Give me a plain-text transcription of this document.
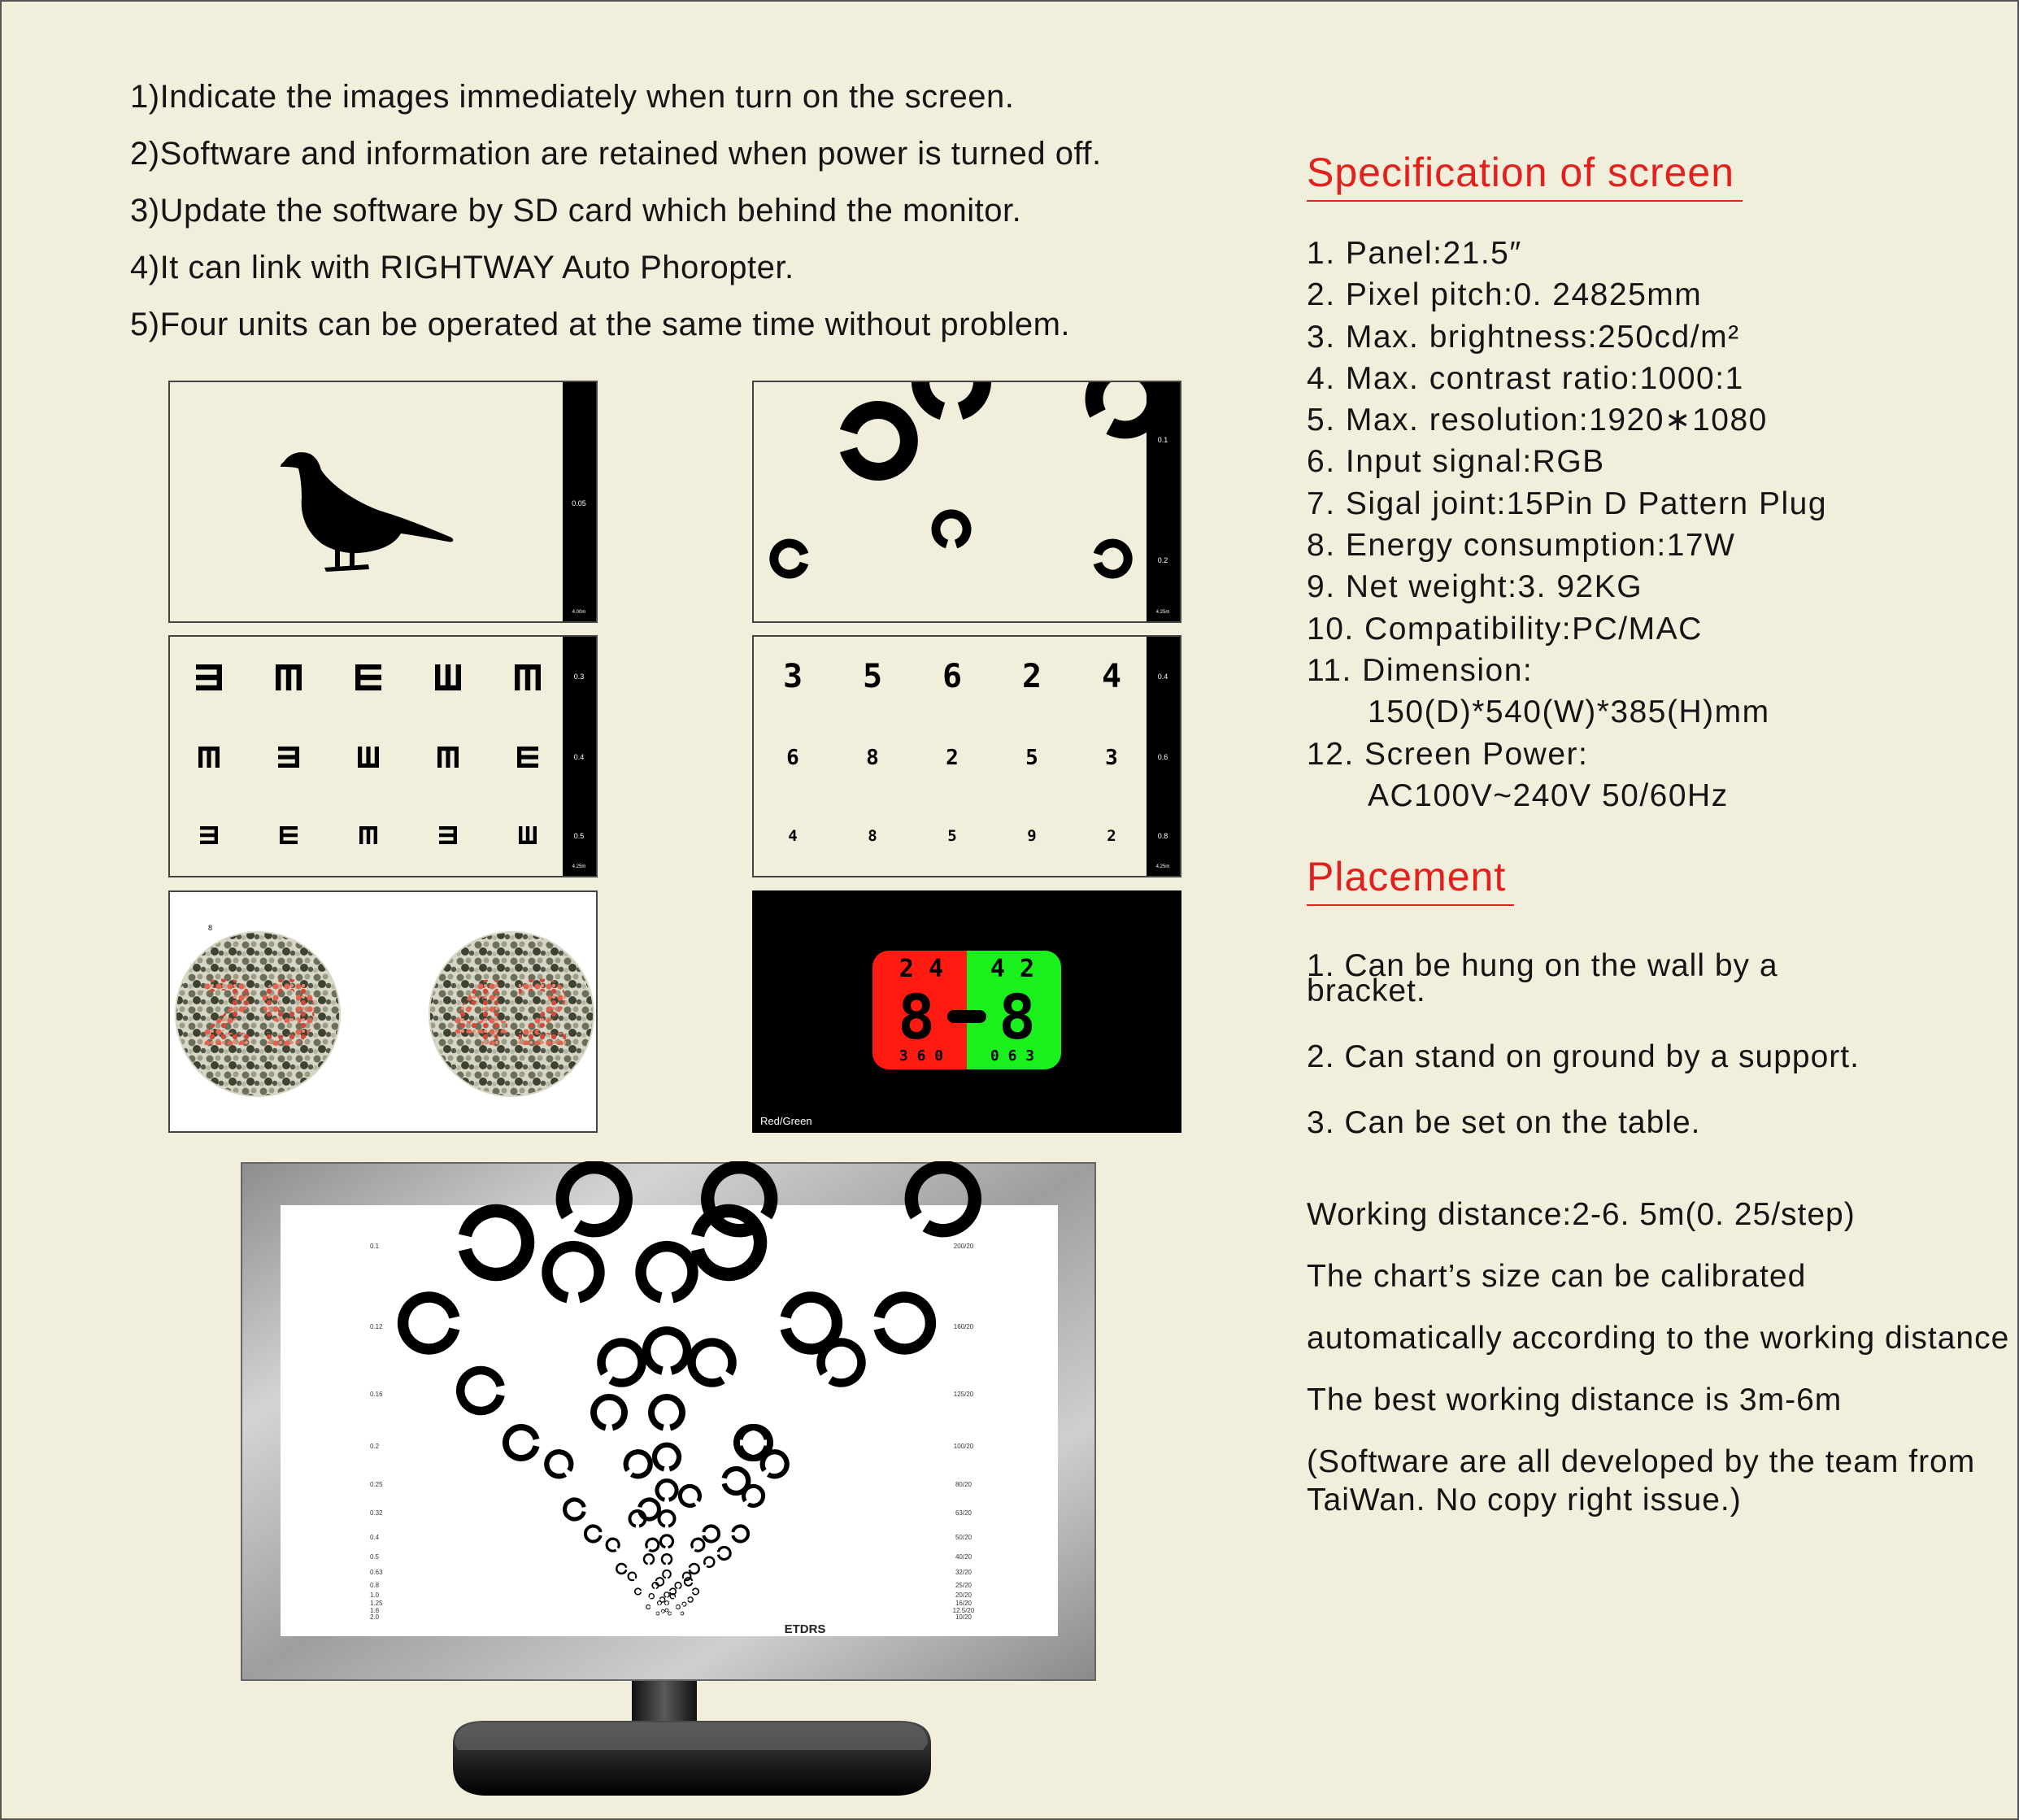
1)Indicate the images immediately when turn on the screen.
2)Software and information are retained when power is turned off.
3)Update the software by SD card which behind the monitor.
4)It can link with RIGHTWAY Auto Phoropter.
5)Four units can be operated at the same time without problem.
0.05
4.00m
0.1
0.2
4.25m
0.3
0.4
0.5
4.25m
3 5 6 2 4
6	8	2	5	3
4	8	5	9	2
0.4
0.6
0.8
4.25m
8
29 42	2 4 4 2
8 8
3 6 0	0 6 3
Red/Green
0.1
0.12
0.16
0.2
0.25
0.32
0.4
0.5
0.63
0.8
1.0
1.25
1.6
2.0
200/20
160/20
125/20
100/20
80/20
63/20
50/20
40/20
32/20
25/20
20/20
16/20
12.5/20
10/20
ETDRS
Specification of screen
1. Panel:21.5″
2. Pixel pitch:0. 24825mm
3. Max. brightness:250cd/m²
4. Max. contrast ratio:1000:1
5. Max. resolution:1920∗1080
6. Input signal:RGB
7. Sigal joint:15Pin D Pattern Plug
8. Energy consumption:17W
9. Net weight:3. 92KG
10. Compatibility:PC/MAC
11. Dimension:
150(D)*540(W)*385(H)mm
12. Screen Power:
AC100V~240V 50/60Hz
Placement
1. Can be hung on the wall by a bracket.
2. Can stand on ground by a support.
3. Can be set on the table.
Working distance:2-6. 5m(0. 25/step)
The chart’s size can be calibrated
automatically according to the working distance
The best working distance is 3m-6m
(Software are all developed by the team from TaiWan. No copy right issue.)
